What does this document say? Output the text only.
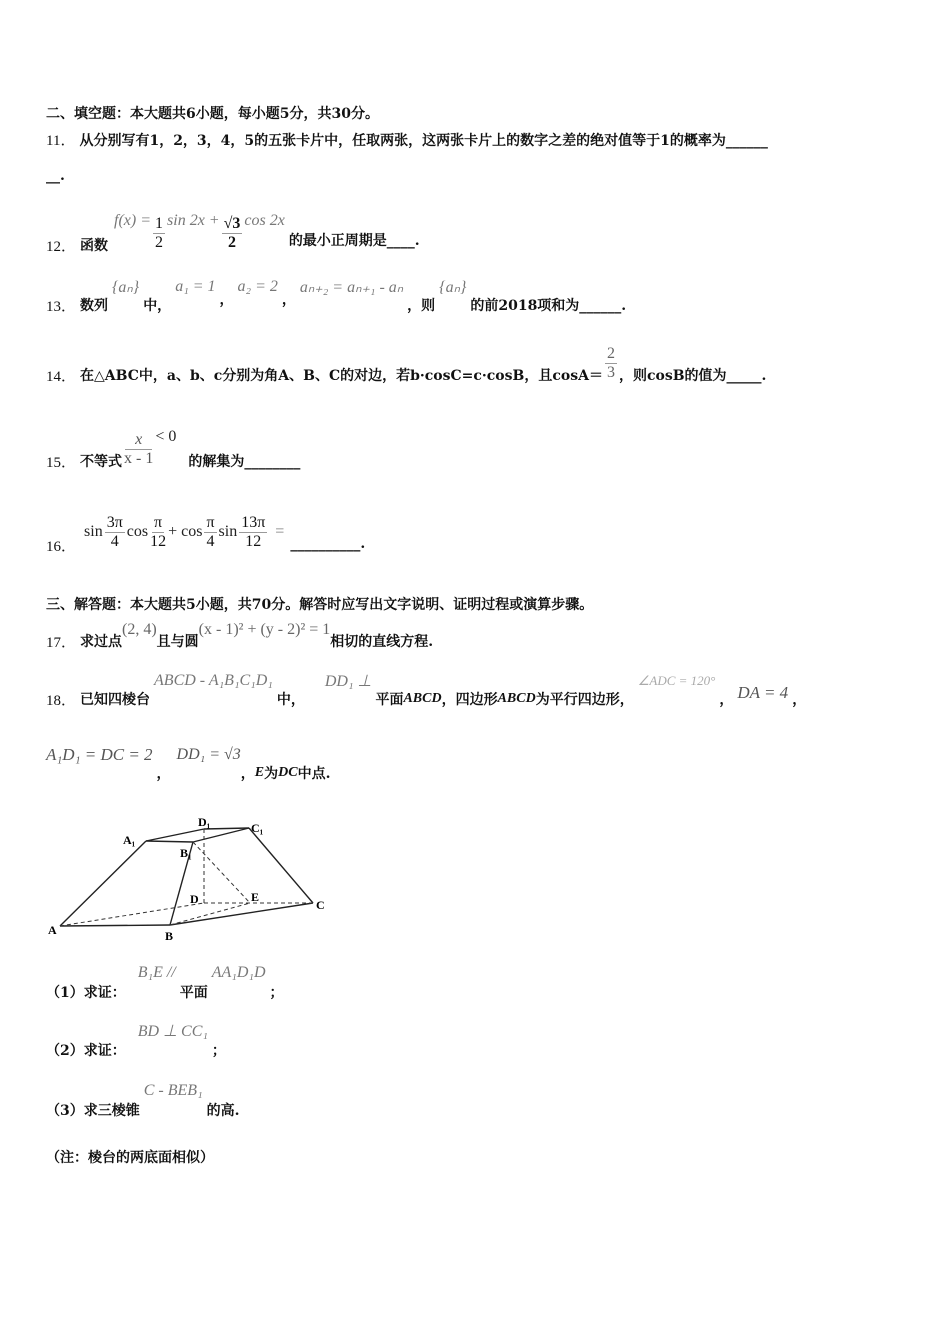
二、填空题：本大题共6小题，每小题5分，共30分。
11． 从分别写有1，2，3，4，5的五张卡片中，任取两张，这两张卡片上的数字之差的绝对值等于1的概率为______
__.
12． 函数
$f(x) = \frac{1}{2}$ $\sin 2x + \frac{√3}{2}$ cos 2x
的最小正周期是____.
13． 数列
{aₙ}
中，
a₁ = 1
，
a₂ = 2
，
aₙ₊₂ = aₙ₊₁ - aₙ
，则
{aₙ}
的前2018项和为______.
14． 在△ABC中，a、b、c分别为角A、B、C的对边，若b·cosC=c·cosB，且$\cos A= \frac{2}{3}$ ，则cosB的值为_____.
15． 不等式 $\frac{x}{x - 1} < 0$
的解集为________
16．
$\sin \frac{3\pi}{4}$ $\cos \frac{\pi}{12} + \cos \frac{\pi}{4}$ $\sin \frac{13\pi}{12}$ =
__________.
三、解答题：本大题共5小题，共70分。解答时应写出文字说明、证明过程或演算步骤。
17． 求过点
(2, 4)
且与圆
(x - 1)² + (y - 2)² = 1
相切的直线方程.
18． 已知四棱台
ABCD - A₁B₁C₁D₁
中，
DD₁ ⊥
平面 ABCD ，四边形 ABCD 为平行四边形，
∠ADC = 120°
， DA = 4 ，
A₁D₁ = DC = 2
，
DD₁ = √3
， E 为 DC 中点.
A	B
C
D	E
A₁
B₁
C₁
D₁
（1）求证：
B₁E //
平面
AA₁D₁D
；
（2）求证：
BD ⊥ CC₁
；
（3）求三棱锥
C - BEB₁
的高.
（注：棱台的两底面相似）
